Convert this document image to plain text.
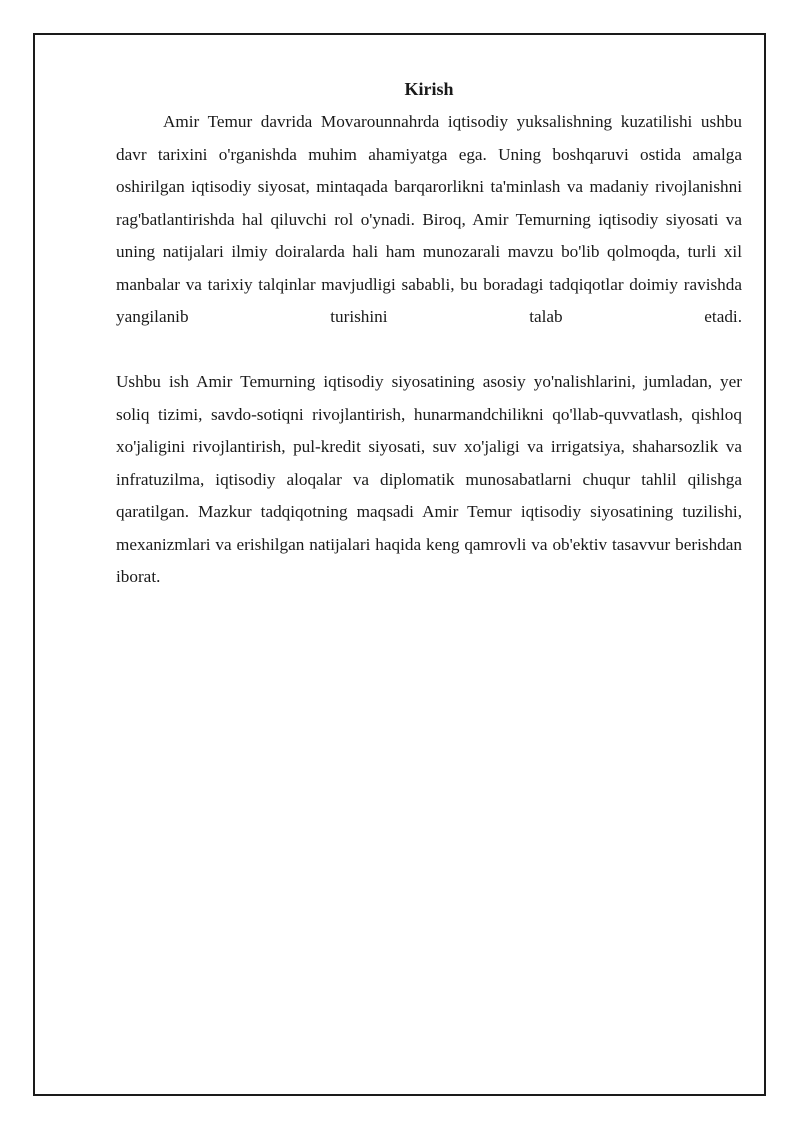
Kirish

Amir Temur davrida Movarounnahrda iqtisodiy yuksalishning kuzatilishi ushbu davr tarixini o'rganishda muhim ahamiyatga ega. Uning boshqaruvi ostida amalga oshirilgan iqtisodiy siyosat, mintaqada barqarorlikni ta'minlash va madaniy rivojlanishni rag'batlantirishda hal qiluvchi rol o'ynadi. Biroq, Amir Temurning iqtisodiy siyosati va uning natijalari ilmiy doiralarda hali ham munozarali mavzu bo'lib qolmoqda, turli xil manbalar va tarixiy talqinlar mavjudligi sababli, bu boradagi tadqiqotlar doimiy ravishda yangilanib turishini talab etadi.

Ushbu ish Amir Temurning iqtisodiy siyosatining asosiy yo'nalishlarini, jumladan, yer soliq tizimi, savdo-sotiqni rivojlantirish, hunarmandchilikni qo'llab-quvvatlash, qishloq xo'jaligini rivojlantirish, pul-kredit siyosati, suv xo'jaligi va irrigatsiya, shaharsozlik va infratuzilma, iqtisodiy aloqalar va diplomatik munosabatlarni chuqur tahlil qilishga qaratilgan. Mazkur tadqiqotning maqsadi Amir Temur iqtisodiy siyosatining tuzilishi, mexanizmlari va erishilgan natijalari haqida keng qamrovli va ob'ektiv tasavvur berishdan iborat.
